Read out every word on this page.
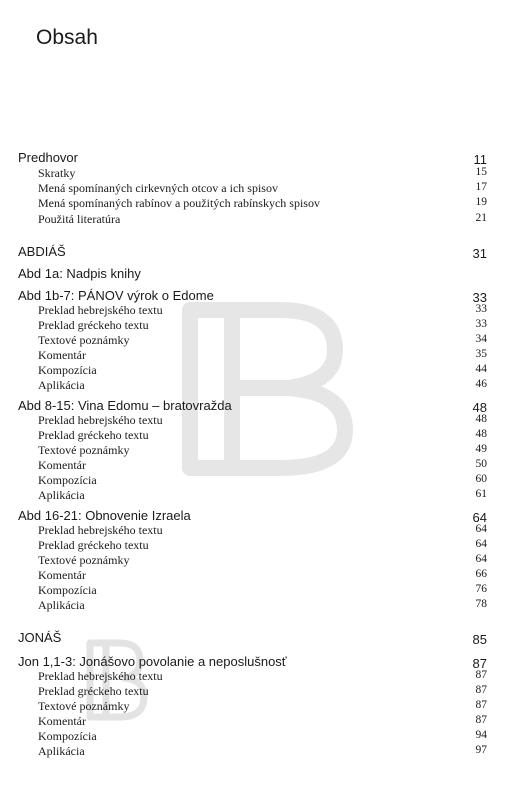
Obsah
Predhovor	11
Skratky	15
Mená spomínaných cirkevných otcov a ich spisov	17
Mená spomínaných rabínov a použitých rabínskych spisov	19
Použitá literatúra	21
ABDIÁŠ	31
Abd 1a: Nadpis knihy
Abd 1b-7: PÁNOV výrok o Edome	33
Preklad hebrejského textu	33
Preklad gréckeho textu	33
Textové poznámky	34
Komentár	35
Kompozícia	44
Aplikácia	46
Abd 8-15: Vina Edomu – bratovražda	48
Preklad hebrejského textu	48
Preklad gréckeho textu	48
Textové poznámky	49
Komentár	50
Kompozícia	60
Aplikácia	61
Abd 16-21: Obnovenie Izraela	64
Preklad hebrejského textu	64
Preklad gréckeho textu	64
Textové poznámky	64
Komentár	66
Kompozícia	76
Aplikácia	78
JONÁŠ	85
Jon 1,1-3: Jonášovo povolanie a neposlušnosť	87
Preklad hebrejského textu	87
Preklad gréckeho textu	87
Textové poznámky	87
Komentár	87
Kompozícia	94
Aplikácia	97
